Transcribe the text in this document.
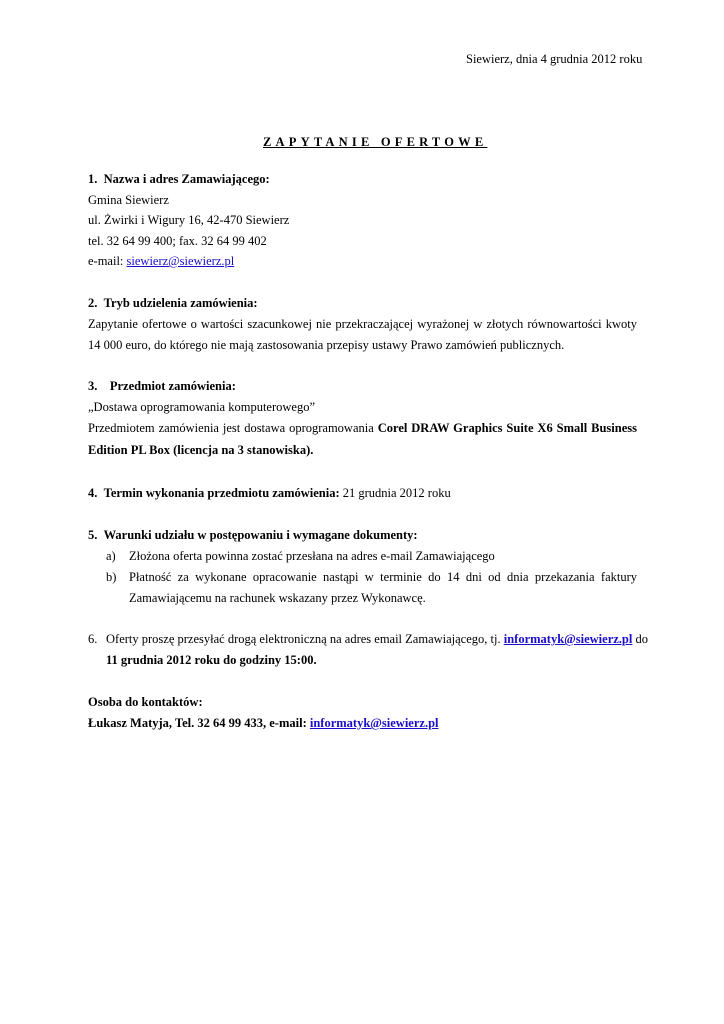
Siewierz, dnia 4 grudnia 2012 roku
ZAPYTANIE OFERTOWE
1.  Nazwa i adres Zamawiającego:
Gmina Siewierz
ul. Żwirki i Wigury 16, 42-470 Siewierz
tel. 32 64 99 400; fax. 32 64 99 402
e-mail: siewierz@siewierz.pl
2.  Tryb udzielenia zamówienia:
Zapytanie ofertowe o wartości szacunkowej nie przekraczającej wyrażonej w złotych równowartości kwoty
14 000 euro, do którego nie mają zastosowania przepisy ustawy Prawo zamówień publicznych.
3.    Przedmiot zamówienia:
„Dostawa oprogramowania komputerowego”
Przedmiotem zamówienia jest dostawa oprogramowania Corel DRAW Graphics Suite X6 Small Business
Edition PL Box (licencja na 3 stanowiska).
4.  Termin wykonania przedmiotu zamówienia: 21 grudnia 2012 roku
5.  Warunki udziału w postępowaniu i wymagane dokumenty:
a) Złożona oferta powinna zostać przesłana na adres e-mail Zamawiającego
b) Płatność za wykonane opracowanie nastąpi w terminie do 14 dni od dnia przekazania faktury
Zamawiającemu na rachunek wskazany przez Wykonawcę.
6. Oferty proszę przesyłać drogą elektroniczną na adres email Zamawiającego, tj. informatyk@siewierz.pl do
11 grudnia 2012 roku do godziny 15:00.
Osoba do kontaktów:
Łukasz Matyja, Tel. 32 64 99 433, e-mail: informatyk@siewierz.pl
